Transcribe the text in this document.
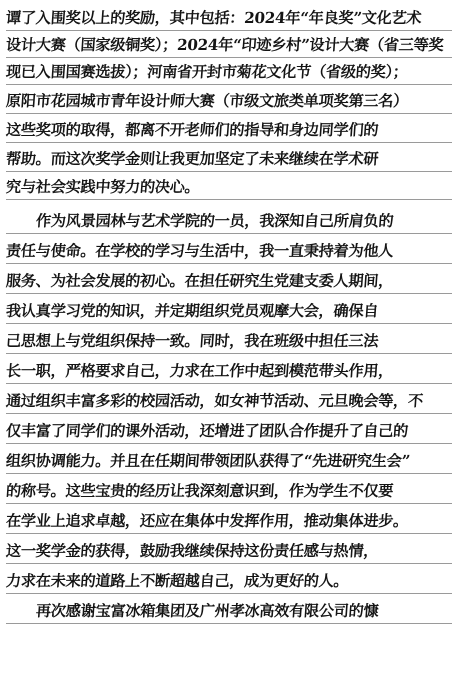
谭了入围奖以上的奖励，其中包括：2024年“年良奖”文化艺术
设计大赛（国家级铜奖）；2024年“印迹乡村”设计大赛（省三等奖
现已入围国赛选拔）；河南省开封市菊花文化节（省级的奖）；
原阳市花园城市青年设计师大赛（市级文旅类单项奖第三名）
这些奖项的取得，都离不开老师们的指导和身边同学们的
帮助。而这次奖学金则让我更加坚定了未来继续在学术研
究与社会实践中努力的决心。
作为风景园林与艺术学院的一员，我深知自己所肩负的
责任与使命。在学校的学习与生活中，我一直秉持着为他人
服务、为社会发展的初心。在担任研究生党建支委人期间，
我认真学习党的知识，并定期组织党员观摩大会，确保自
己思想上与党组织保持一致。同时，我在班级中担任三法
长一职，严格要求自己，力求在工作中起到模范带头作用，
通过组织丰富多彩的校园活动，如女神节活动、元旦晚会等，不
仅丰富了同学们的课外活动，还增进了团队合作提升了自己的
组织协调能力。并且在任期间带领团队获得了“先进研究生会”
的称号。这些宝贵的经历让我深刻意识到，作为学生不仅要
在学业上追求卓越，还应在集体中发挥作用，推动集体进步。
这一奖学金的获得，鼓励我继续保持这份责任感与热情，
力求在未来的道路上不断超越自己，成为更好的人。
再次感谢宝富冰箱集团及广州孝冰高效有限公司的慷
